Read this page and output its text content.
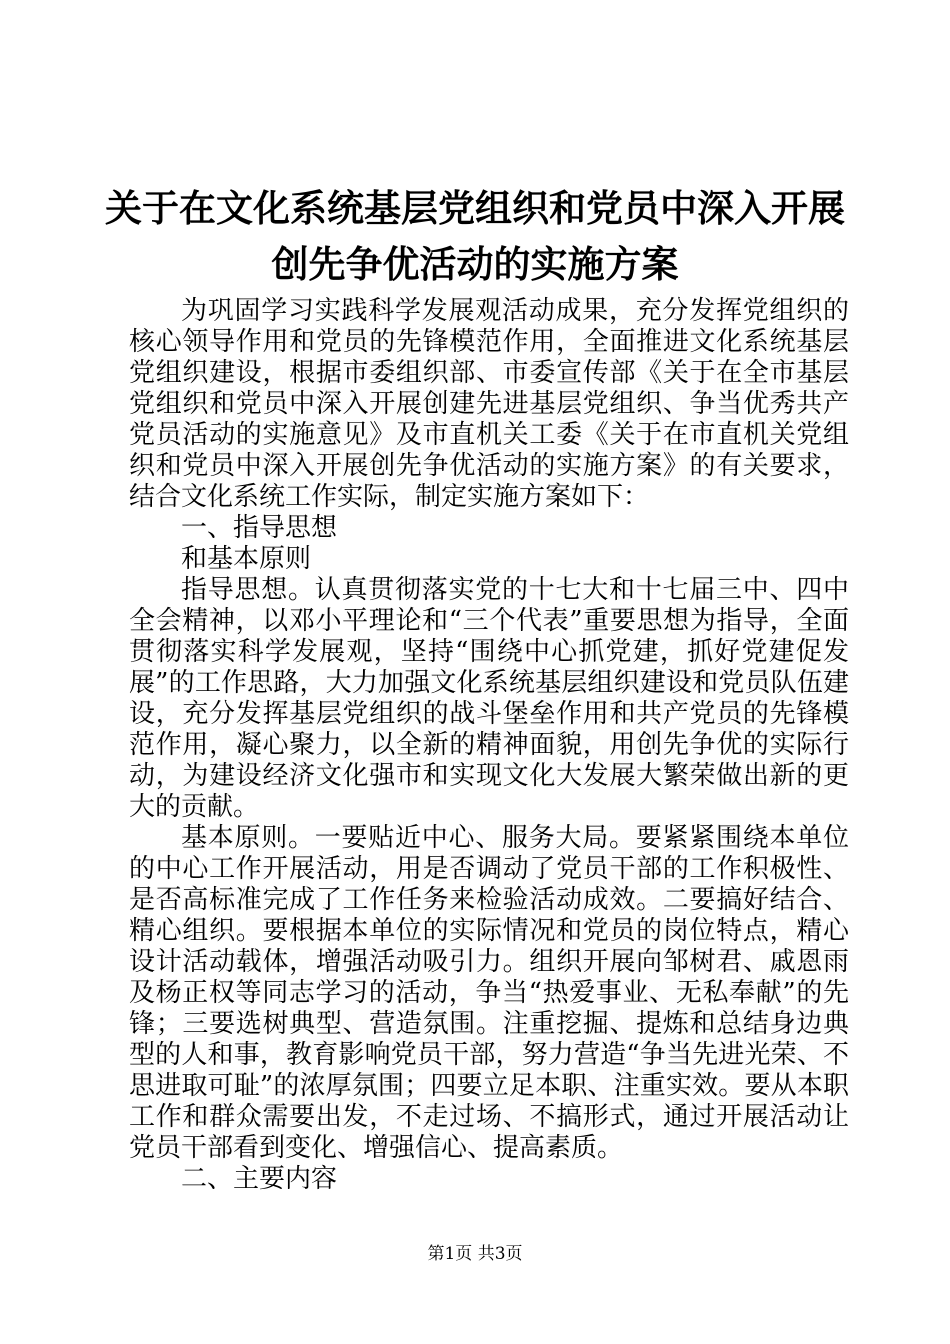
关于在文化系统基层党组织和党员中深入开展
创先争优活动的实施方案

为巩固学习实践科学发展观活动成果，充分发挥党组织的核心领导作用和党员的先锋模范作用，全面推进文化系统基层党组织建设，根据市委组织部、市委宣传部《关于在全市基层党组织和党员中深入开展创建先进基层党组织、争当优秀共产党员活动的实施意见》及市直机关工委《关于在市直机关党组织和党员中深入开展创先争优活动的实施方案》的有关要求，结合文化系统工作实际，制定实施方案如下：

一、指导思想

和基本原则

指导思想。认真贯彻落实党的十七大和十七届三中、四中全会精神，以邓小平理论和“三个代表”重要思想为指导，全面贯彻落实科学发展观，坚持“围绕中心抓党建，抓好党建促发展”的工作思路，大力加强文化系统基层组织建设和党员队伍建设，充分发挥基层党组织的战斗堡垒作用和共产党员的先锋模范作用，凝心聚力，以全新的精神面貌，用创先争优的实际行动，为建设经济文化强市和实现文化大发展大繁荣做出新的更大的贡献。

基本原则。一要贴近中心、服务大局。要紧紧围绕本单位的中心工作开展活动，用是否调动了党员干部的工作积极性、是否高标准完成了工作任务来检验活动成效。二要搞好结合、精心组织。要根据本单位的实际情况和党员的岗位特点，精心设计活动载体，增强活动吸引力。组织开展向邹树君、戚恩雨及杨正权等同志学习的活动，争当“热爱事业、无私奉献”的先锋；三要选树典型、营造氛围。注重挖掘、提炼和总结身边典型的人和事，教育影响党员干部，努力营造“争当先进光荣、不思进取可耻”的浓厚氛围；四要立足本职、注重实效。要从本职工作和群众需要出发，不走过场、不搞形式，通过开展活动让党员干部看到变化、增强信心、提高素质。

二、主要内容

第1页 共3页
